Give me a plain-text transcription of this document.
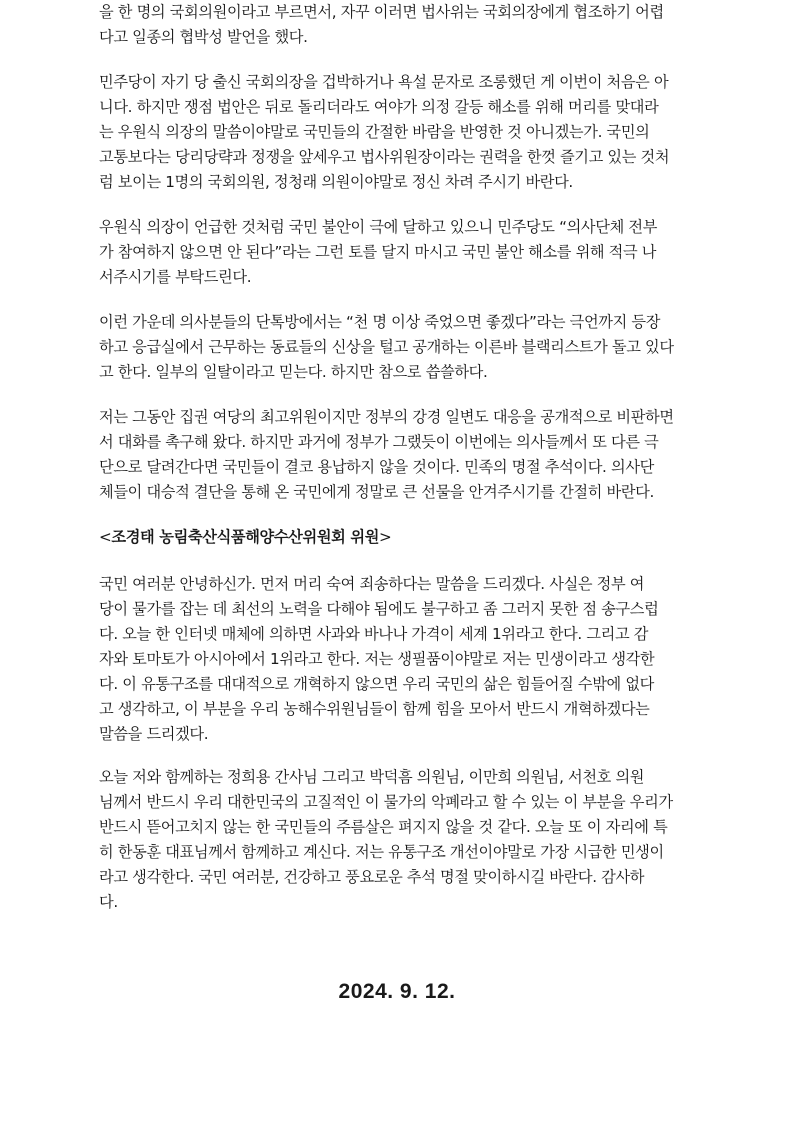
을 한 명의 국회의원이라고 부르면서, 자꾸 이러면 법사위는 국회의장에게 협조하기 어렵
다고 일종의 협박성 발언을 했다.

민주당이 자기 당 출신 국회의장을 겁박하거나 욕설 문자로 조롱했던 게 이번이 처음은 아
니다. 하지만 쟁점 법안은 뒤로 돌리더라도 여야가 의정 갈등 해소를 위해 머리를 맞대라
는 우원식 의장의 말씀이야말로 국민들의 간절한 바람을 반영한 것 아니겠는가. 국민의
고통보다는 당리당략과 정쟁을 앞세우고 법사위원장이라는 권력을 한껏 즐기고 있는 것처
럼 보이는 1명의 국회의원, 정청래 의원이야말로 정신 차려 주시기 바란다.

우원식 의장이 언급한 것처럼 국민 불안이 극에 달하고 있으니 민주당도 “의사단체 전부
가 참여하지 않으면 안 된다”라는 그런 토를 달지 마시고 국민 불안 해소를 위해 적극 나
서주시기를 부탁드린다.

이런 가운데 의사분들의 단톡방에서는 “천 명 이상 죽었으면 좋겠다”라는 극언까지 등장
하고 응급실에서 근무하는 동료들의 신상을 털고 공개하는 이른바 블랙리스트가 돌고 있다
고 한다. 일부의 일탈이라고 믿는다. 하지만 참으로 씁쓸하다.

저는 그동안 집권 여당의 최고위원이지만 정부의 강경 일변도 대응을 공개적으로 비판하면
서 대화를 촉구해 왔다. 하지만 과거에 정부가 그랬듯이 이번에는 의사들께서 또 다른 극
단으로 달려간다면 국민들이 결코 용납하지 않을 것이다. 민족의 명절 추석이다. 의사단
체들이 대승적 결단을 통해 온 국민에게 정말로 큰 선물을 안겨주시기를 간절히 바란다.

<조경태 농림축산식품해양수산위원회 위원>

국민 여러분 안녕하신가. 먼저 머리 숙여 죄송하다는 말씀을 드리겠다. 사실은 정부 여
당이 물가를 잡는 데 최선의 노력을 다해야 됨에도 불구하고 좀 그러지 못한 점 송구스럽
다. 오늘 한 인터넷 매체에 의하면 사과와 바나나 가격이 세계 1위라고 한다. 그리고 감
자와 토마토가 아시아에서 1위라고 한다. 저는 생필품이야말로 저는 민생이라고 생각한
다. 이 유통구조를 대대적으로 개혁하지 않으면 우리 국민의 삶은 힘들어질 수밖에 없다
고 생각하고, 이 부분을 우리 농해수위원님들이 함께 힘을 모아서 반드시 개혁하겠다는
말씀을 드리겠다.

오늘 저와 함께하는 정희용 간사님 그리고 박덕흠 의원님, 이만희 의원님, 서천호 의원
님께서 반드시 우리 대한민국의 고질적인 이 물가의 악폐라고 할 수 있는 이 부분을 우리가
반드시 뜯어고치지 않는 한 국민들의 주름살은 펴지지 않을 것 같다. 오늘 또 이 자리에 특
히 한동훈 대표님께서 함께하고 계신다. 저는 유통구조 개선이야말로 가장 시급한 민생이
라고 생각한다. 국민 여러분, 건강하고 풍요로운 추석 명절 맞이하시길 바란다. 감사하
다.

2024. 9. 12.
